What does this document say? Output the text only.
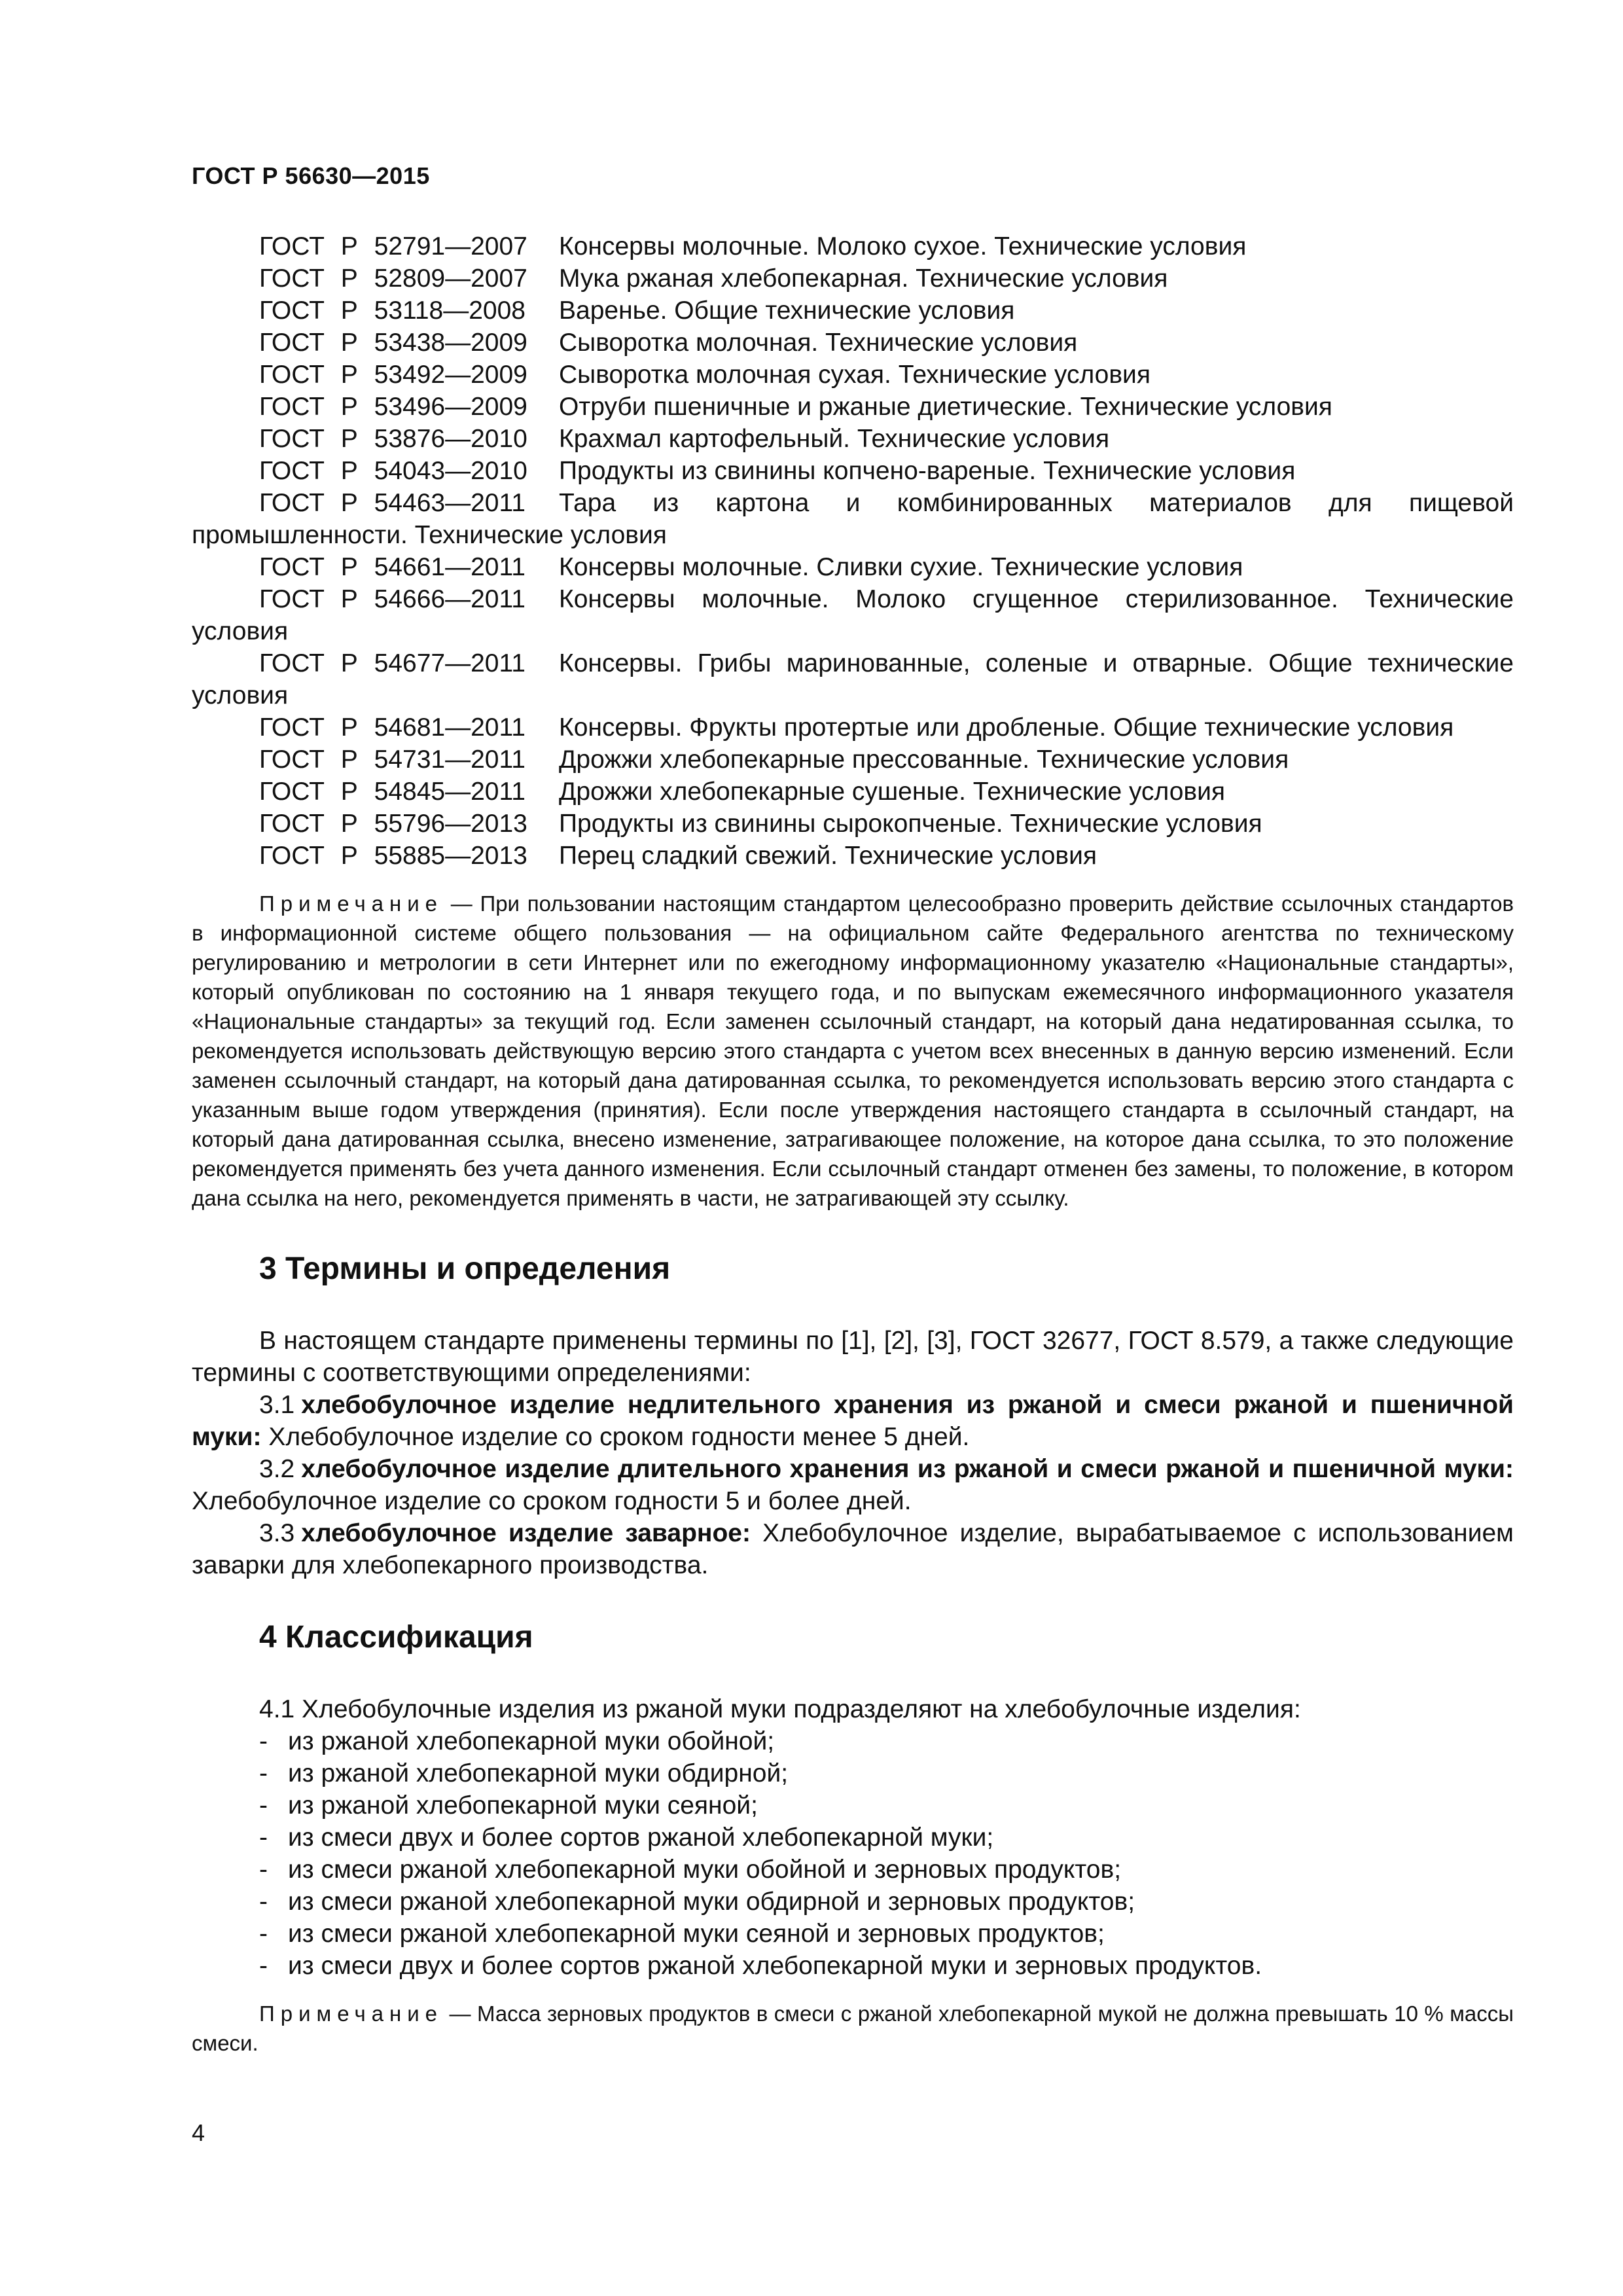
ГОСТ Р 56630—2015

ГОСТ Р 52791—2007 Консервы молочные. Молоко сухое. Технические условия

ГОСТ Р 52809—2007 Мука ржаная хлебопекарная. Технические условия

ГОСТ Р 53118—2008 Варенье. Общие технические условия

ГОСТ Р 53438—2009 Сыворотка молочная. Технические условия

ГОСТ Р 53492—2009 Сыворотка молочная сухая. Технические условия

ГОСТ Р 53496—2009 Отруби пшеничные и ржаные диетические. Технические условия

ГОСТ Р 53876—2010 Крахмал картофельный. Технические условия

ГОСТ Р 54043—2010 Продукты из свинины копчено-вареные. Технические условия

ГОСТ Р 54463—2011 Тара из картона и комбинированных материалов для пищевой промышленности. Технические условия

ГОСТ Р 54661—2011 Консервы молочные. Сливки сухие. Технические условия

ГОСТ Р 54666—2011 Консервы молочные. Молоко сгущенное стерилизованное. Технические условия

ГОСТ Р 54677—2011 Консервы. Грибы маринованные, соленые и отварные. Общие технические условия

ГОСТ Р 54681—2011 Консервы. Фрукты протертые или дробленые. Общие технические условия

ГОСТ Р 54731—2011 Дрожжи хлебопекарные прессованные. Технические условия

ГОСТ Р 54845—2011 Дрожжи хлебопекарные сушеные. Технические условия

ГОСТ Р 55796—2013 Продукты из свинины сырокопченые. Технические условия

ГОСТ Р 55885—2013 Перец сладкий свежий. Технические условия

Примечание — При пользовании настоящим стандартом целесообразно проверить действие ссылочных стандартов в информационной системе общего пользования — на официальном сайте Федерального агентства по техническому регулированию и метрологии в сети Интернет или по ежегодному информационному указателю «Национальные стандарты», который опубликован по состоянию на 1 января текущего года, и по выпускам ежемесячного информационного указателя «Национальные стандарты» за текущий год. Если заменен ссылочный стандарт, на который дана недатированная ссылка, то рекомендуется использовать действующую версию этого стандарта с учетом всех внесенных в данную версию изменений. Если заменен ссылочный стандарт, на который дана датированная ссылка, то рекомендуется использовать версию этого стандарта с указанным выше годом утверждения (принятия). Если после утверждения настоящего стандарта в ссылочный стандарт, на который дана датированная ссылка, внесено изменение, затрагивающее положение, на которое дана ссылка, то это положение рекомендуется применять без учета данного изменения. Если ссылочный стандарт отменен без замены, то положение, в котором дана ссылка на него, рекомендуется применять в части, не затрагивающей эту ссылку.

3 Термины и определения

В настоящем стандарте применены термины по [1], [2], [3], ГОСТ 32677, ГОСТ 8.579, а также следующие термины с соответствующими определениями:

3.1 хлебобулочное изделие недлительного хранения из ржаной и смеси ржаной и пшеничной муки: Хлебобулочное изделие со сроком годности менее 5 дней.

3.2 хлебобулочное изделие длительного хранения из ржаной и смеси ржаной и пшеничной муки: Хлебобулочное изделие со сроком годности 5 и более дней.

3.3 хлебобулочное изделие заварное: Хлебобулочное изделие, вырабатываемое с использованием заварки для хлебопекарного производства.

4 Классификация

4.1 Хлебобулочные изделия из ржаной муки подразделяют на хлебобулочные изделия:

- из ржаной хлебопекарной муки обойной;
- из ржаной хлебопекарной муки обдирной;
- из ржаной хлебопекарной муки сеяной;
- из смеси двух и более сортов ржаной хлебопекарной муки;
- из смеси ржаной хлебопекарной муки обойной и зерновых продуктов;
- из смеси ржаной хлебопекарной муки обдирной и зерновых продуктов;
- из смеси ржаной хлебопекарной муки сеяной и зерновых продуктов;
- из смеси двух и более сортов ржаной хлебопекарной муки и зерновых продуктов.

Примечание — Масса зерновых продуктов в смеси с ржаной хлебопекарной мукой не должна превышать 10 % массы смеси.

4
